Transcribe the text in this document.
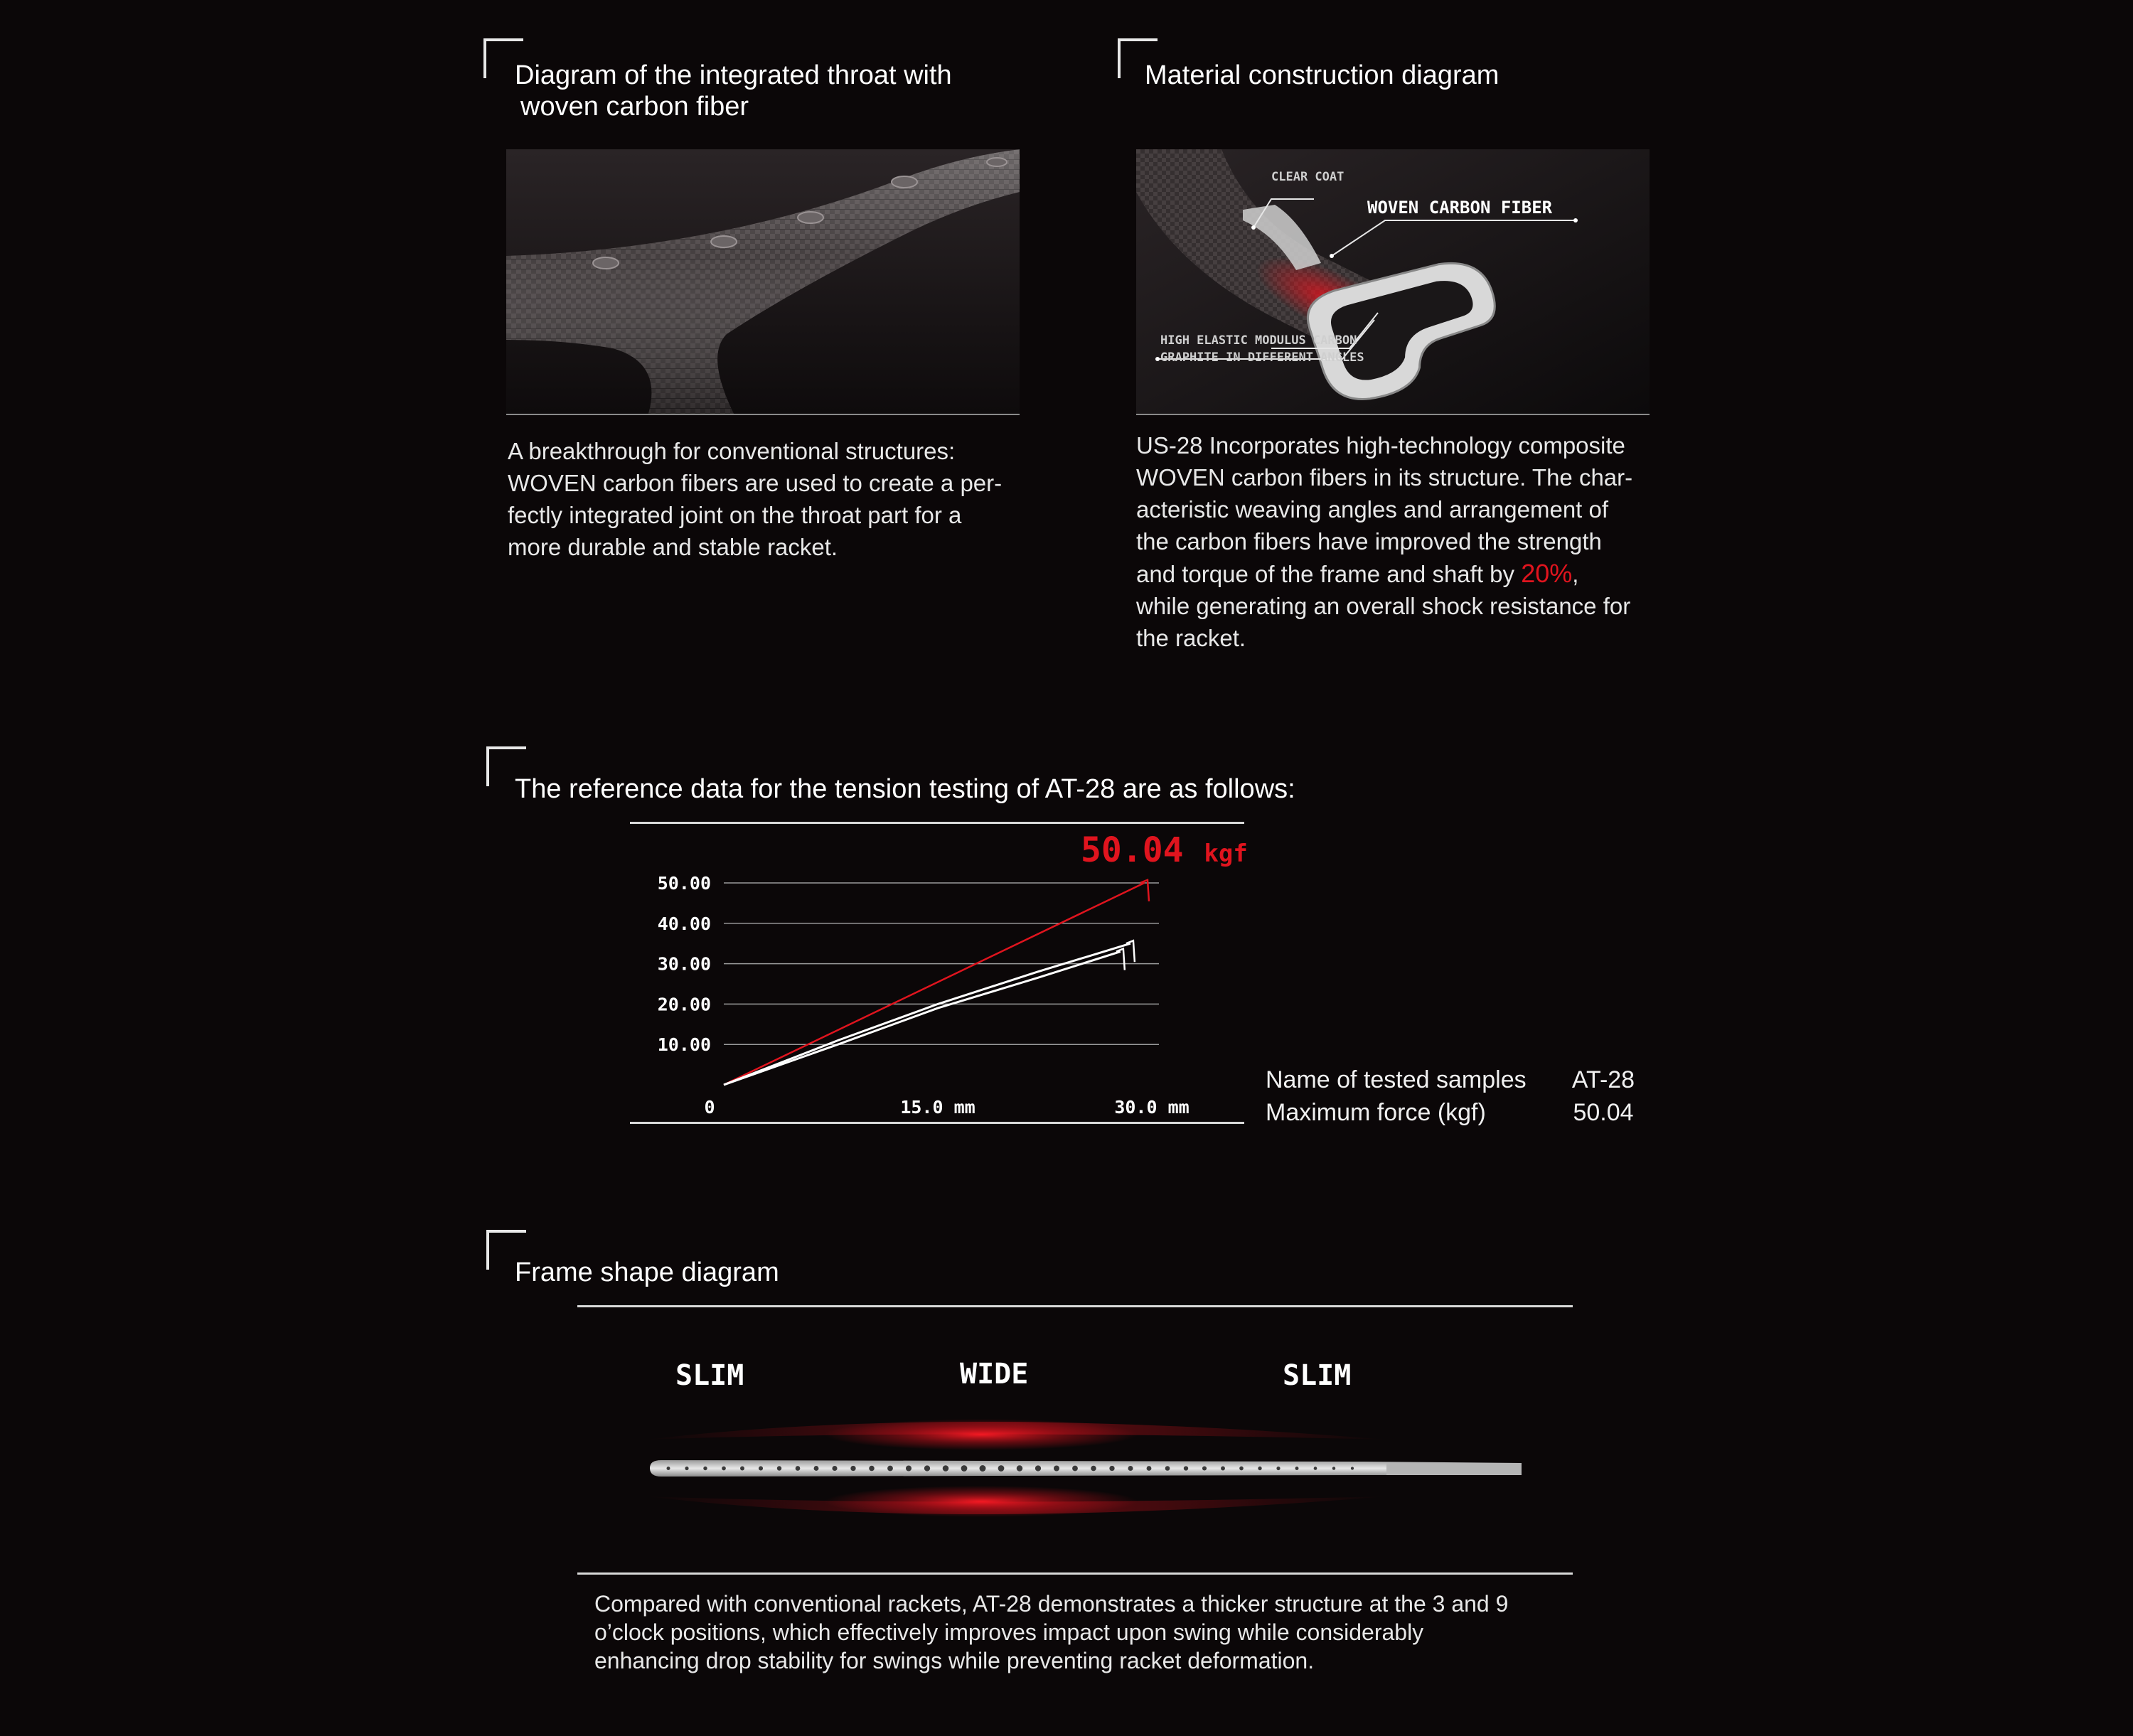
Diagram of the integrated throat with
woven carbon fiber
A breakthrough for conventional structures:
WOVEN carbon fibers are used to create a per-
fectly integrated joint on the throat part for a
more durable and stable racket.
Material construction diagram
CLEAR COAT
WOVEN CARBON FIBER
HIGH ELASTIC MODULUS CARBON
GRAPHITE IN DIFFERENT ANGLES
US-28 Incorporates high-technology composite
WOVEN carbon fibers in its structure. The char-
acteristic weaving angles and arrangement of
the carbon fibers have improved the strength
and torque of the frame and shaft by 20%,
while generating an overall shock resistance for
the racket.
The reference data for the tension testing of AT-28 are as follows:
50.00
40.00
30.00
20.00
10.00
0	15.0 mm	30.0 mm
50.04 kgf
Name of tested samples AT-28
Maximum force (kgf)	50.04
Frame shape diagram
SLIM	WIDE	SLIM
Compared with conventional rackets, AT-28 demonstrates a thicker structure at the 3 and 9
o’clock positions, which effectively improves impact upon swing while considerably
enhancing drop stability for swings while preventing racket deformation.
